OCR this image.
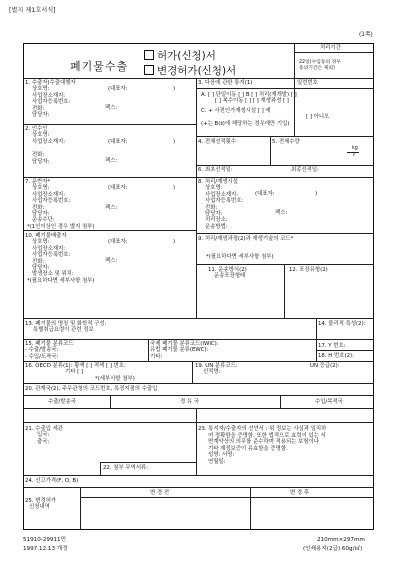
[별지 제1호서식]
(1쪽)
폐기물수출
허가(신청)서
변경허가(신청)서
처리기간
22일(수입동의 경우
동의기간은 제외)
1. 수출자(수출대행자
상호명:
사업장소재지:
사업자등록번호:
전화:
담당자:
(대표자:	)
팩스:
2. 인수인
상호명:
사업장소재지:
전화:
담당자:
(대표자:	)
팩스:
3. 다음에 관한 통지(1)	일련번호
A. [ ] 단일이동 [ ] B [ ] 처리(재개발) [ ]
[ ] 복수이동 [ ] [ ] 재생과정 [ ]
C. + 사전인가재생시설 [ ] 예
[ ] 아니오
(+는 B(ⅱ)에 해당하는 경우에만 기입)
4. 전체선적횟수	5. 전체수량
kg
ℓ
6. 최초선적일:	최종선적일:
7. 운반자*
상호명:
사업장소재지:
사업자등록번호:
전화:
담당자:
운송수단:
*(1인이상인 경우 별지 첨부)
(대표자:	)
팩스:
8. 처리/재생시설
상호명:
사업장소재지:
사업자등록번호:
전화:
담당자:
처리장소:
운송방법:
(대표자:	)
팩스:
9. 처리/재생과정(2)과 재생기술의 코드*
*(필요하다면 세부사항 첨부)
10. 폐기물배출자
상호명:
사업장소재지:
사업자등록번호:
전화:
담당자:
발생장소 및 위치:
*(필요하다면 세부사항 첨부)
(대표자:	)
팩스:
11. 운송방식(2)
운송포장형태
12. 포장유형(2)
13. 폐기물의 명칭 및 화학적 구성:
특별취급요령이 관련 정보
14. 물리적 특성(2):
15. 폐기물 분류코드
- 수출/발송국:
- 수입/도착국:
국제 폐기물 분류코드(IWIC):
유럽 폐기물 분류(EWC):
기타:
17. Y 번호:
18. H 번호(2):
16. OECD 분류(1): 황색 [ ] 적색 [ ] 번호:
기타 [ ]
*(세부사항 첨부)
19. UN 분류코드:
선적명:
UN 등급(2):
20. 관계국(2), 주무관청의 코드번호, 특정지점의 수출입
수출/발송국	경 유 국	수입/목적국
21. 수출입 세관
입국:
출국:
22. 첨부 무역서류:
23. 통지자/수출자의 선언서 : 위 정보는 사실과 일치하
여 정확함을 증명함. 또한 법적으로 효력이 있는 서
면계약상의 의무를 준수하며 적용되는 보험이나
기타 재정보증이 유효함을 증명함.
성명: 서명:
연월일:
24. 신고가격(F, O, B)
25. 변경허가
신청내역
변 경 전	변 경 후
51910-29911민
1997.12.13 개정
210mm×297mm
(인쇄용지(2급) 60g/㎡)
